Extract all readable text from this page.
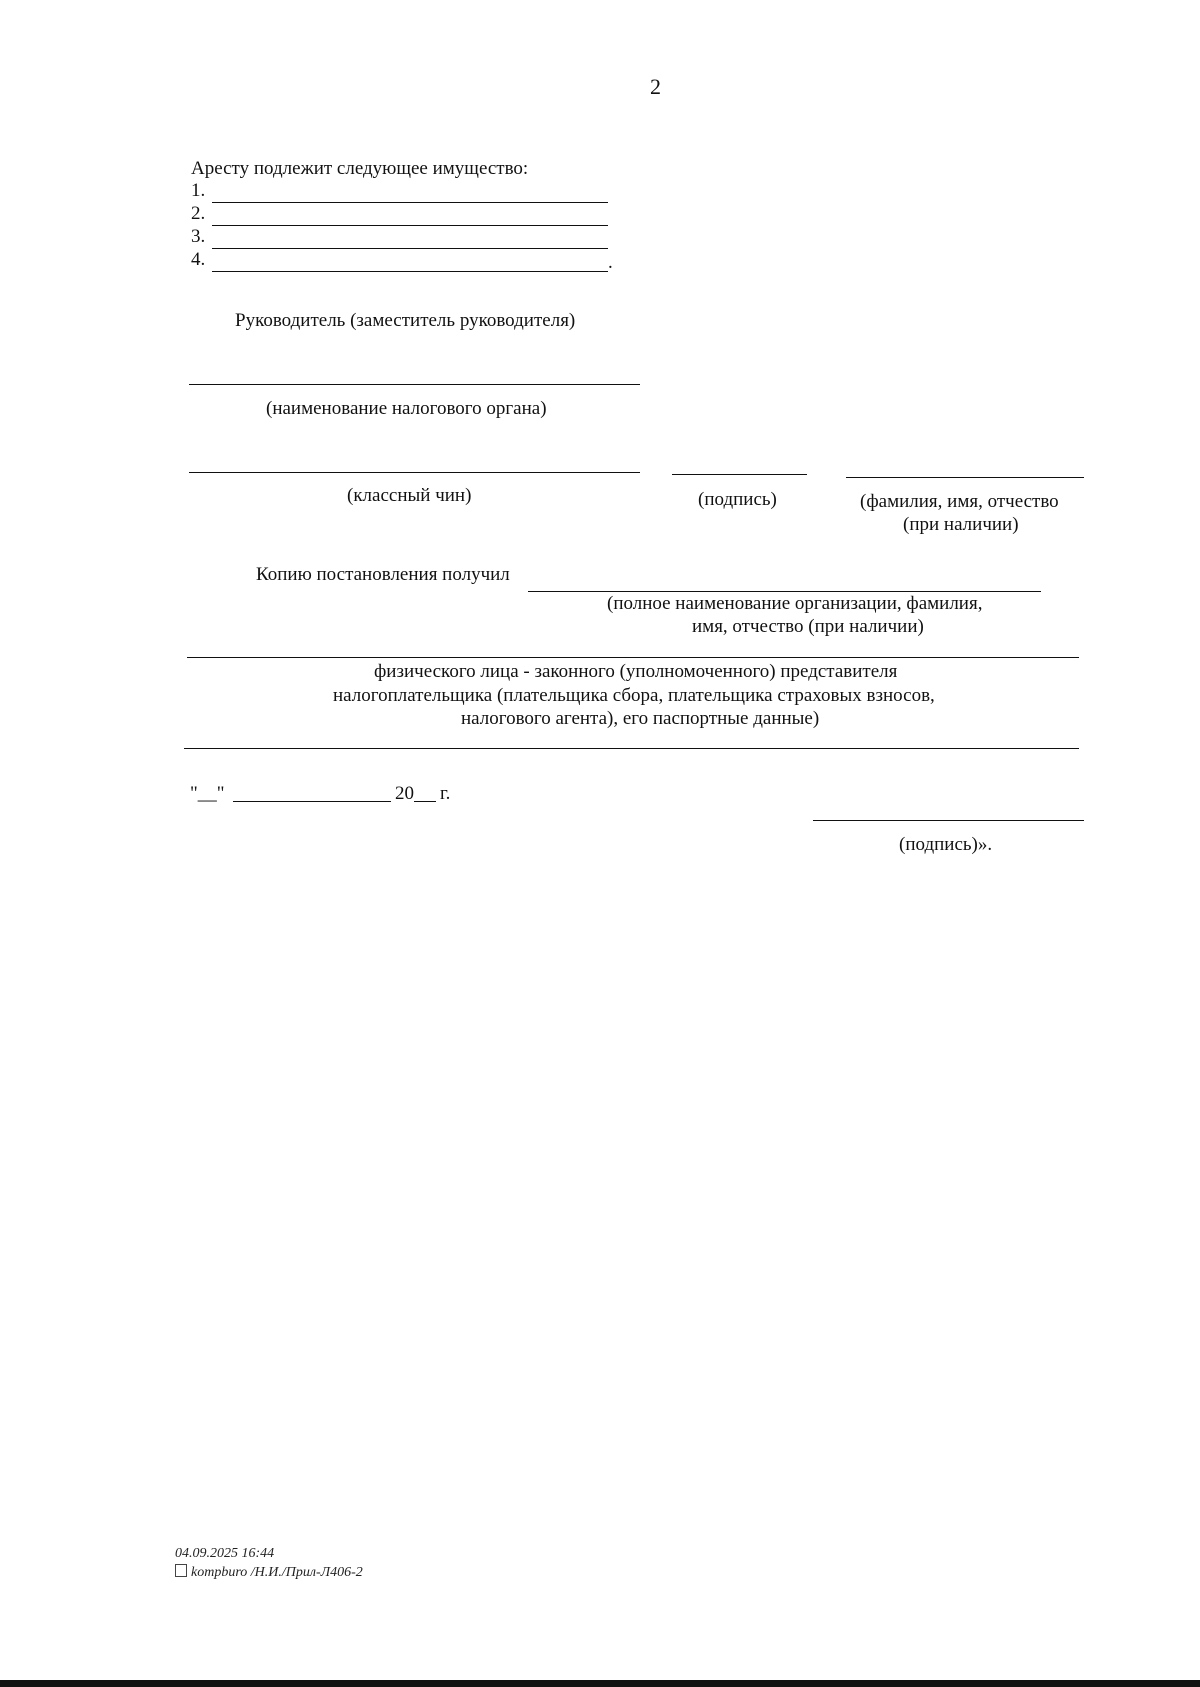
2
Аресту подлежит следующее имущество:
1.
2.
3.
4.	.
Руководитель (заместитель руководителя)
(наименование налогового органа)
(классный чин)	(подпись)	(фамилия, имя, отчество
(при наличии)
Копию постановления получил
(полное наименование организации, фамилия,
имя, отчество (при наличии)
физического лица - законного (уполномоченного) представителя
налогоплательщика (плательщика сбора, плательщика страховых взносов,
налогового агента), его паспортные данные)
"__"	20 г.
(подпись)».
04.09.2025 16:44
kompburo /Н.И./Прил-Л406-2
